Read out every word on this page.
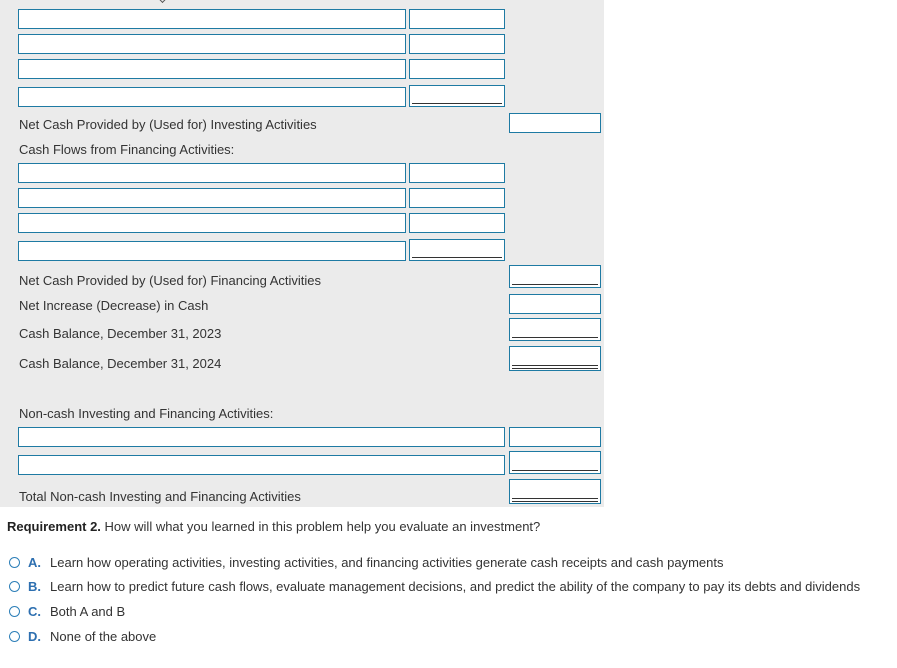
Net Cash Provided by (Used for) Investing Activities
Cash Flows from Financing Activities:
Net Cash Provided by (Used for) Financing Activities
Net Increase (Decrease) in Cash
Cash Balance, December 31, 2023
Cash Balance, December 31, 2024
Non-cash Investing and Financing Activities:
Total Non-cash Investing and Financing Activities
Requirement 2. How will what you learned in this problem help you evaluate an investment?
A. Learn how operating activities, investing activities, and financing activities generate cash receipts and cash payments
B. Learn how to predict future cash flows, evaluate management decisions, and predict the ability of the company to pay its debts and dividends
C. Both A and B
D. None of the above
